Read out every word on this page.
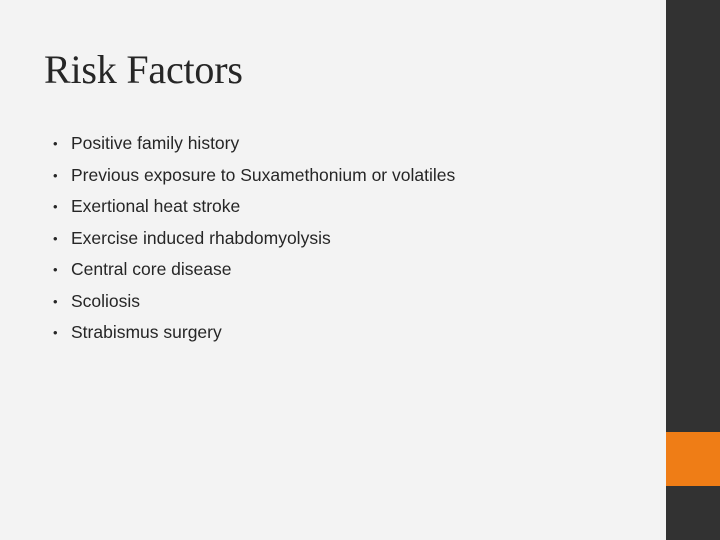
Risk Factors
• Positive family history
• Previous exposure to Suxamethonium or volatiles
• Exertional heat stroke
• Exercise induced rhabdomyolysis
• Central core disease
• Scoliosis
• Strabismus surgery
